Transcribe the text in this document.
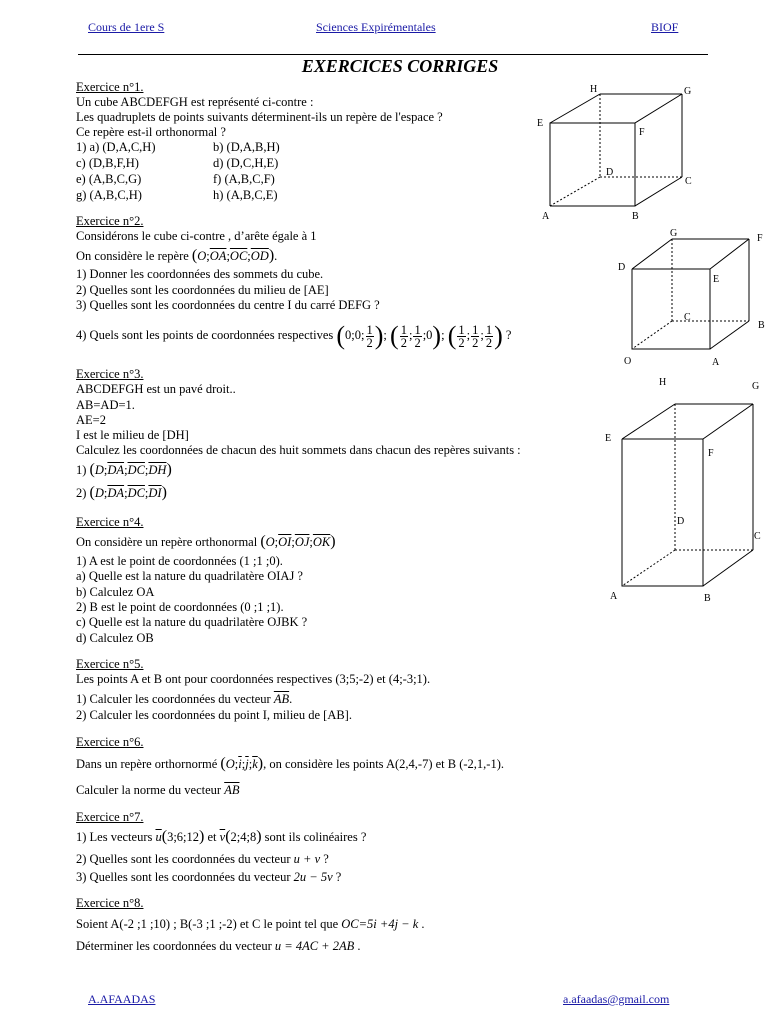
Cours de 1ere S	Sciences Expirémentales	BIOF
EXERCICES CORRIGES
Exercice n°1.
Un cube ABCDEFGH est représenté ci-contre :
Les quadruplets de points suivants déterminent-ils un repère de l'espace ?
Ce repère est-il orthonormal ?
1) a) (D,A,C,H)	b) (D,A,B,H)
c) (D,B,F,H)	d) (D,C,H,E)
e) (A,B,C,G)	f) (A,B,C,F)
g) (A,B,C,H)	h) (A,B,C,E)
H	G
E
F
D
C
A	B
Exercice n°2.
Considérons le cube ci-contre , d’arête égale à 1
On considère le repère $(O;\overline{OA};\overline{OC};\overline{OD})$.
1) Donner les coordonnées des sommets du cube.
2) Quelles sont les coordonnées du milieu de [AE]
3) Quelles sont les coordonnées du centre I du carré DEFG ?
4) Quels sont les points de coordonnées respectives (0;0; $\frac{1}{2}$ ); ( $\frac{1}{2}$ ; $\frac{1}{2}$ ;0); ( $\frac{1}{2}$ ; $\frac{1}{2}$ ; $\frac{1}{2}$ ) ?
G	F
D
E
C
B
O	A
Exercice n°3.
ABCDEFGH est un pavé droit..
AB=AD=1.
AE=2
I est le milieu de [DH]
Calculez les coordonnées de chacun des huit sommets dans chacun des repères suivants :
1) $(D;\overline{DA};\overline{DC};\overline{DH})$
2) $(D;\overline{DA};\overline{DC};\overline{DI})$
H	G
E
F
D
C
A	B
Exercice n°4.
On considère un repère orthonormal $(O;\overline{OI};\overline{OJ};\overline{OK})$
1) A est le point de coordonnées (1 ;1 ;0).
a) Quelle est la nature du quadrilatère OIAJ ?
b) Calculez OA
2) B est le point de coordonnées (0 ;1 ;1).
c) Quelle est la nature du quadrilatère OJBK ?
d) Calculez OB
Exercice n°5.
Les points A et B ont pour coordonnées respectives (3;5;-2) et (4;-3;1).
1) Calculer les coordonnées du vecteur $\overline{AB}$.
2) Calculer les coordonnées du point I, milieu de [AB].
Exercice n°6.
Dans un repère orthornormé $(O;\overline{i};\overline{j};\overline{k})$, on considère les points A(2,4,-7) et B (-2,1,-1).
Calculer la norme du vecteur $\overline{AB}$
Exercice n°7.
1) Les vecteurs $\overline{u}(3;6;12)$ et $\overline{v}(2;4;8)$ sont ils colinéaires ?
2) Quelles sont les coordonnées du vecteur u + v ?
3) Quelles sont les coordonnées du vecteur 2u − 5v ?
Exercice n°8.
Soient A(-2 ;1 ;10) ; B(-3 ;1 ;-2) et C le point tel que OC=5i +4j − k .
Déterminer les coordonnées du vecteur u = 4AC + 2AB .
A.AFAADAS	a.afaadas@gmail.com
